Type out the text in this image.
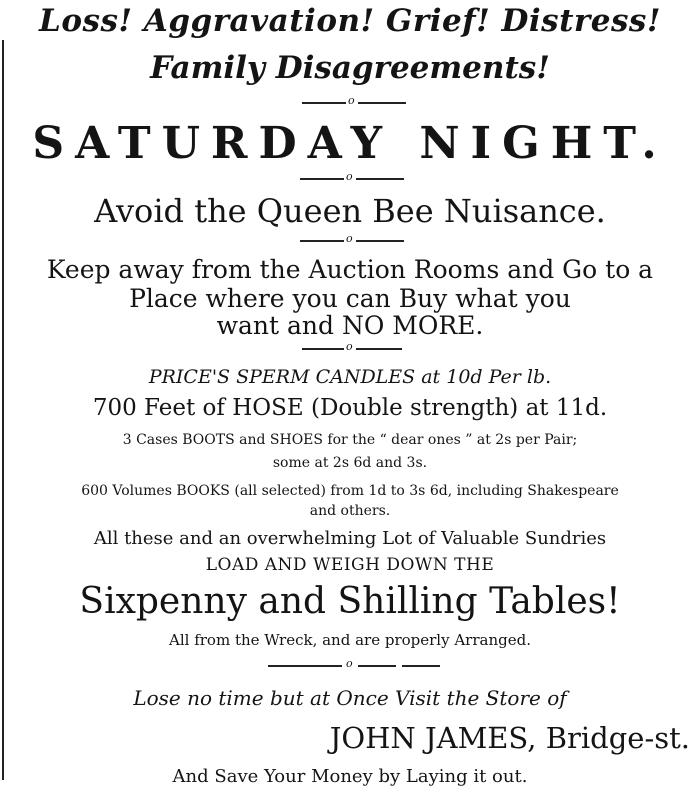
Loss! Aggravation! Grief! Distress!
Family Disagreements!
o
SATURDAY NIGHT.
o
Avoid the Queen Bee Nuisance.
o
Keep away from the Auction Rooms and Go to a
Place where you can Buy what you
want and NO MORE.
o
PRICE'S SPERM CANDLES at 10d Per lb.
700 Feet of HOSE (Double strength) at 11d.
3 Cases BOOTS and SHOES for the “ dear ones ” at 2s per Pair;
some at 2s 6d and 3s.
600 Volumes BOOKS (all selected) from 1d to 3s 6d, including Shakespeare
and others.
All these and an overwhelming Lot of Valuable Sundries
LOAD AND WEIGH DOWN THE
Sixpenny and Shilling Tables!
All from the Wreck, and are properly Arranged.
o
Lose no time but at Once Visit the Store of
JOHN JAMES, Bridge-st.
And Save Your Money by Laying it out.
